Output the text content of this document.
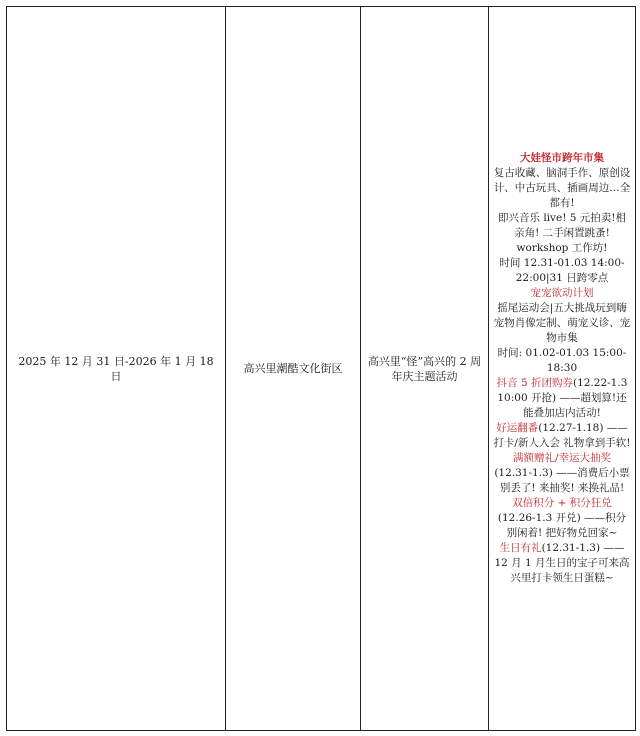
2025 年 12 月 31 日-2026 年 1 月 18 日
高兴里潮酷文化街区
高兴里“怪”高兴的 2 周年庆主题活动
大娃怪市跨年市集
复古收藏、脑洞手作、原创设计、中古玩具、插画周边…全都有!
即兴音乐 live! 5 元拍卖!相亲角! 二手闲置跳蚤!
workshop 工作坊!
时间 12.31-01.03 14:00-22:00|31 日跨零点
宠宠欲动计划
摇尾运动会|五大挑战玩到嗨
宠物肖像定制、萌宠义诊、宠物市集
时间: 01.02-01.03 15:00-18:30
抖音 5 折团购券(12.22-1.3 10:00 开抢) ——超划算!还能叠加店内活动!
好运翻番(12.27-1.18) ——打卡/新人入会 礼物拿到手软!
满额赠礼/幸运大抽奖
(12.31-1.3) ——消费后小票别丢了! 来抽奖! 来换礼品!
双倍积分 + 积分狂兑
(12.26-1.3 开兑) ——积分别闲着! 把好物兑回家~
生日有礼(12.31-1.3) ——12 月 1 月生日的宝子可来高兴里打卡领生日蛋糕~
